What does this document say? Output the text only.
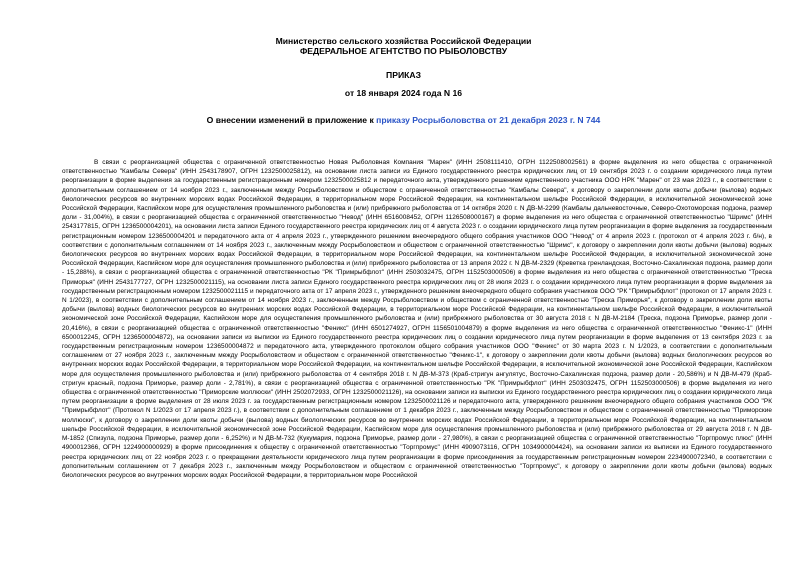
Министерство сельского хозяйства Российской Федерации
ФЕДЕРАЛЬНОЕ АГЕНТСТВО ПО РЫБОЛОВСТВУ
ПРИКАЗ
от 18 января 2024 года N 16
О внесении изменений в приложение к приказу Росрыболовства от 21 декабря 2023 г. N 744
В связи с реорганизацией общества с ограниченной ответственностью Новая Рыболовная Компания "Марен" (ИНН 2508111410, ОГРН 1122508002561) в форме выделения из него общества с ограниченной ответственностью "Камбалы Севера" (ИНН 2543178907, ОГРН 1232500025812), на основании листа записи из Единого государственного реестра юридических лиц от 19 сентября 2023 г. о создании юридического лица путем реорганизации в форме выделения за государственным регистрационным номером 1232500025812 и передаточного акта, утвержденного решением единственного участника ООО НРК "Марен" от 23 мая 2023 г., в соответствии с дополнительным соглашением от 14 ноября 2023 г., заключенным между Росрыболовством и обществом с ограниченной ответственностью "Камбалы Севера", к договору о закреплении доли квоты добычи (вылова) водных биологических ресурсов во внутренних морских водах Российской Федерации, в территориальном море Российской Федерации, на континентальном шельфе Российской Федерации, в исключительной экономической зоне Российской Федерации, Каспийском море для осуществления промышленного рыболовства и (или) прибрежного рыболовства от 14 октября 2020 г. N ДВ-М-2299 (Камбалы дальневосточные, Северо-Охотоморская подзона, размер доли - 31,004%), в связи с реорганизацией общества с ограниченной ответственностью "Невод" (ИНН 6516008452, ОГРН 1126508000167) в форме выделения из него общества с ограниченной ответственностью "Шримс" (ИНН 2543177815, ОГРН 1236500004201), на основании листа записи Единого государственного реестра юридических лиц от 4 августа 2023 г. о создании юридического лица путем реорганизации в форме выделения за государственным регистрационным номером 1236500004201 и передаточного акта от 4 апреля 2023 г., утвержденного решением внеочередного общего собрания участников ООО "Невод" от 4 апреля 2023 г. (протокол от 4 апреля 2023 г. б/н), в соответствии с дополнительным соглашением от 14 ноября 2023 г., заключенным между Росрыболовством и обществом с ограниченной ответственностью "Шримс", к договору о закреплении доли квоты добычи (вылова) водных биологических ресурсов во внутренних морских водах Российской Федерации, в территориальном море Российской Федерации, на континентальном шельфе Российской Федерации, в исключительной экономической зоне Российской Федерации, Каспийском море для осуществления промышленного рыболовства и (или) прибрежного рыболовства от 13 апреля 2022 г. N ДВ-М-2329 (Креветка гренландская, Восточно-Сахалинская подзона, размер доли - 15,288%), в связи с реорганизацией общества с ограниченной ответственностью "РК "Примрыбфлот" (ИНН 2503032475, ОГРН 1152503000506) в форме выделения из него общества с ограниченной ответственностью "Треска Приморья" (ИНН 2543177727, ОГРН 1232500021115), на основании листа записи Единого государственного реестра юридических лиц от 28 июля 2023 г. о создании юридического лица путем реорганизации в форме выделения за государственным регистрационным номером 1232500021115 и передаточного акта от 17 апреля 2023 г., утвержденного решением внеочередного общего собрания участников ООО "РК "Примрыбфлот" (протокол от 17 апреля 2023 г. N 1/2023), в соответствии с дополнительным соглашением от 14 ноября 2023 г., заключенным между Росрыболовством и обществом с ограниченной ответственностью "Треска Приморья", к договору о закреплении доли квоты добычи (вылова) водных биологических ресурсов во внутренних морских водах Российской Федерации, в территориальном море Российской Федерации, на континентальном шельфе Российской Федерации, в исключительной экономической зоне Российской Федерации, Каспийском море для осуществления промышленного рыболовства и (или) прибрежного рыболовства от 30 августа 2018 г. N ДВ-М-2184 (Треска, подзона Приморье, размер доли - 20,416%), в связи с реорганизацией общества с ограниченной ответственностью "Феникс" (ИНН 6501274927, ОГРН 1156501004879) в форме выделения из него общества с ограниченной ответственностью "Феникс-1" (ИНН 6500012245, ОГРН 1236500004872), на основании записи из выписки из Единого государственного реестра юридических лиц о создании юридического лица путем реорганизации в форме выделения от 13 сентября 2023 г. за государственным регистрационным номером 1236500004872 и передаточного акта, утвержденного протоколом общего собрания участников ООО "Феникс" от 30 марта 2023 г. N 1/2023, в соответствии с дополнительным соглашением от 27 ноября 2023 г., заключенным между Росрыболовством и обществом с ограниченной ответственностью "Феникс-1", к договору о закреплении доли квоты добычи (вылова) водных биологических ресурсов во внутренних морских водах Российской Федерации, в территориальном море Российской Федерации, на континентальном шельфе Российской Федерации, в исключительной экономической зоне Российской Федерации, Каспийском море для осуществления промышленного рыболовства и (или) прибрежного рыболовства от 4 сентября 2018 г. N ДВ-М-373 (Краб-стригун ангулятус, Восточно-Сахалинская подзона, размер доли - 20,586%) и N ДВ-М-479 (Краб-стригун красный, подзона Приморье, размер доли - 2,781%), в связи с реорганизацией общества с ограниченной ответственностью "РК "Примрыбфлот" (ИНН 2503032475, ОГРН 1152503000506) в форме выделения из него общества с ограниченной ответственностью "Приморские моллюски" (ИНН 2502072933, ОГРН 1232500021126), на основании записи из выписки из Единого государственного реестра юридических лиц о создании юридического лица путем реорганизации в форме выделения от 28 июля 2023 г. за государственным регистрационным номером 1232500021126 и передаточного акта, утвержденного решением внеочередного общего собрания участников ООО "РК "Примрыбфлот" (Протокол N 1/2023 от 17 апреля 2023 г.), в соответствии с дополнительным соглашением от 1 декабря 2023 г., заключенным между Росрыболовством и обществом с ограниченной ответственностью "Приморские моллюски", к договору о закреплении доли квоты добычи (вылова) водных биологических ресурсов во внутренних морских водах Российской Федерации, в территориальном море Российской Федерации, на континентальном шельфе Российской Федерации, в исключительной экономической зоне Российской Федерации, Каспийском море для осуществления промышленного рыболовства и (или) прибрежного рыболовства от 29 августа 2018 г. N ДВ-М-1852 (Спизула, подзона Приморье, размер доли - 6,252%) и N ДВ-М-732 (Кукумария, подзона Приморье, размер доли - 27,980%), в связи с реорганизацией общества с ограниченной ответственностью "Торгпромус плюс" (ИНН 4900012366, ОГРН 1224900000929) в форме присоединения к обществу с ограниченной ответственностью "Торгпромус" (ИНН 4909073116, ОГРН 1034900004424), на основании записи из выписки из Единого государственного реестра юридических лиц от 22 ноября 2023 г. о прекращении деятельности юридического лица путем реорганизации в форме присоединения за государственным регистрационным номером 2234900072340, в соответствии с дополнительным соглашением от 7 декабря 2023 г., заключенным между Росрыболовством и обществом с ограниченной ответственностью "Торгпромус", к договору о закреплении доли квоты добычи (вылова) водных биологических ресурсов во внутренних морских водах Российской Федерации, в территориальном море Российской
